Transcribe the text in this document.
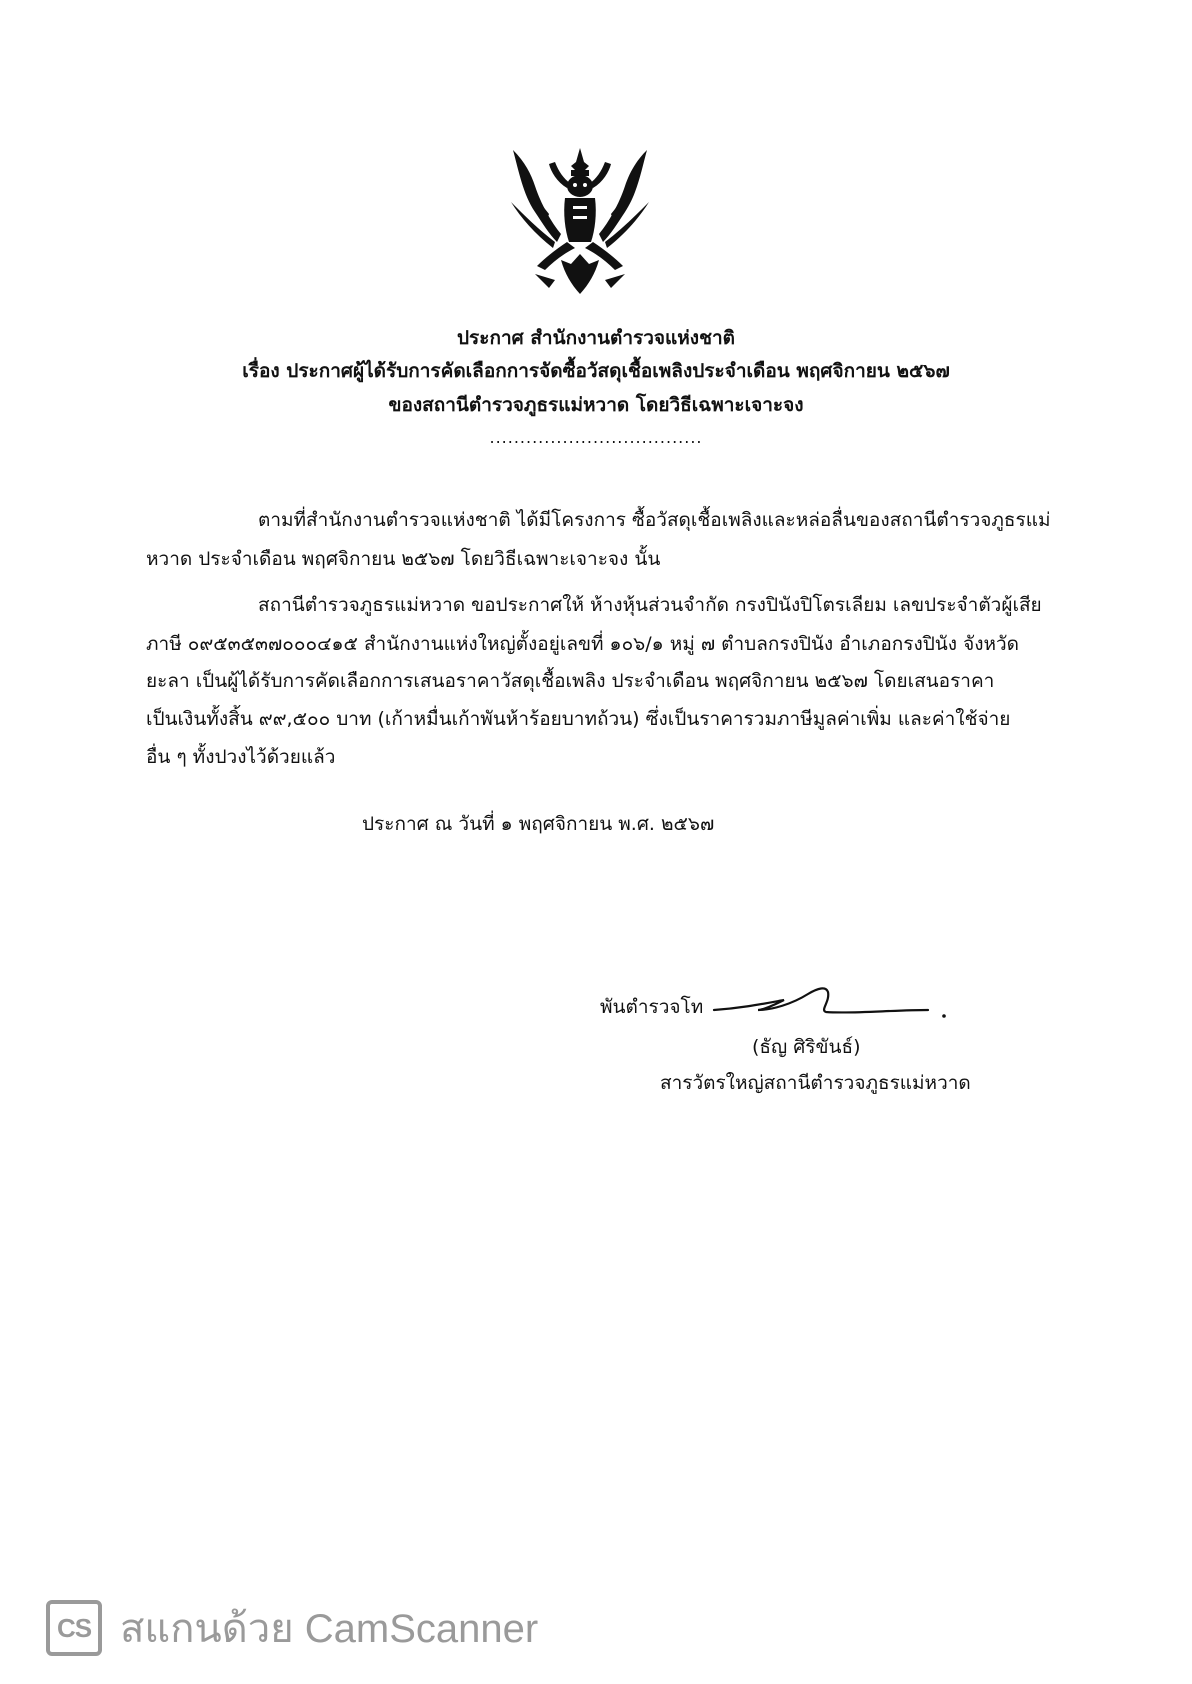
ประกาศ สำนักงานตำรวจแห่งชาติ
เรื่อง ประกาศผู้ได้รับการคัดเลือกการจัดซื้อวัสดุเชื้อเพลิงประจำเดือน พฤศจิกายน ๒๕๖๗
ของสถานีตำรวจภูธรแม่หวาด โดยวิธีเฉพาะเจาะจง
...................................
ตามที่สำนักงานตำรวจแห่งชาติ ได้มีโครงการ ซื้อวัสดุเชื้อเพลิงและหล่อลื่นของสถานีตำรวจภูธรแม่
หวาด ประจำเดือน พฤศจิกายน ๒๕๖๗ โดยวิธีเฉพาะเจาะจง นั้น
สถานีตำรวจภูธรแม่หวาด ขอประกาศให้ ห้างหุ้นส่วนจำกัด กรงปินังปิโตรเลียม เลขประจำตัวผู้เสีย
ภาษี ๐๙๕๓๕๓๗๐๐๐๔๑๕ สำนักงานแห่งใหญ่ตั้งอยู่เลขที่ ๑๐๖/๑ หมู่ ๗ ตำบลกรงปินัง อำเภอกรงปินัง จังหวัด
ยะลา เป็นผู้ได้รับการคัดเลือกการเสนอราคาวัสดุเชื้อเพลิง ประจำเดือน พฤศจิกายน ๒๕๖๗ โดยเสนอราคา
เป็นเงินทั้งสิ้น ๙๙,๕๐๐ บาท (เก้าหมื่นเก้าพันห้าร้อยบาทถ้วน) ซึ่งเป็นราคารวมภาษีมูลค่าเพิ่ม และค่าใช้จ่าย
อื่น ๆ ทั้งปวงไว้ด้วยแล้ว
ประกาศ ณ วันที่ ๑ พฤศจิกายน พ.ศ. ๒๕๖๗
พันตำรวจโท
(ธัญ ศิริขันธ์)
สารวัตรใหญ่สถานีตำรวจภูธรแม่หวาด
CS สแกนด้วย CamScanner
